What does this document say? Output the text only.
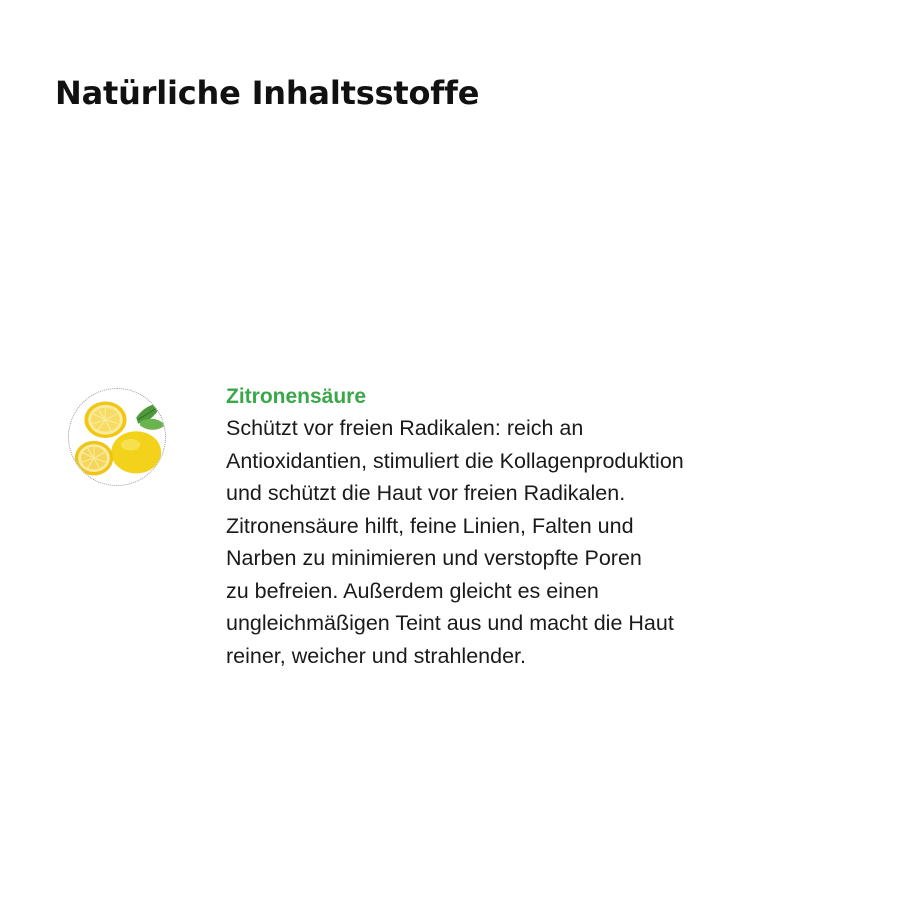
Natürliche Inhaltsstoffe
Zitronensäure

Schützt vor freien Radikalen: reich an
Antioxidantien, stimuliert die Kollagenproduktion
und schützt die Haut vor freien Radikalen.
Zitronensäure hilft, feine Linien, Falten und
Narben zu minimieren und verstopfte Poren
zu befreien. Außerdem gleicht es einen
ungleichmäßigen Teint aus und macht die Haut
reiner, weicher und strahlender.
